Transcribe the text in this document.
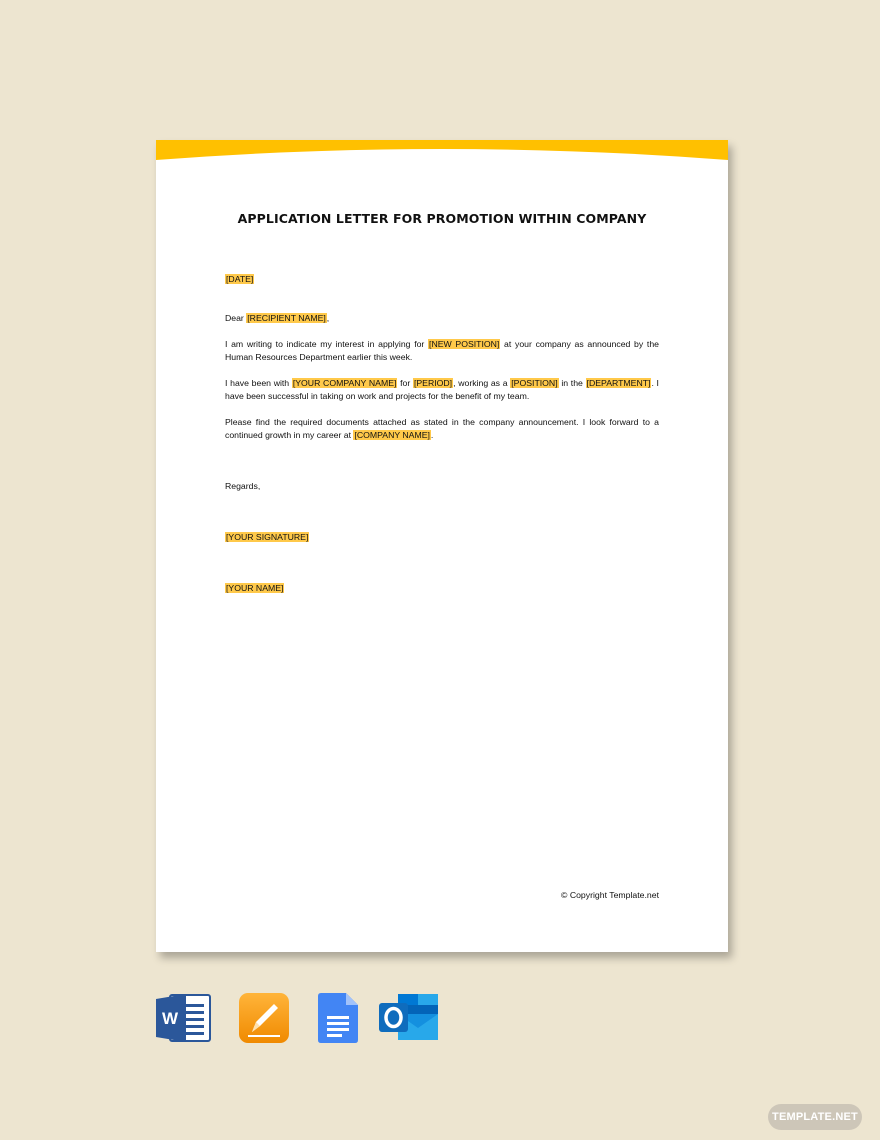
APPLICATION LETTER FOR PROMOTION WITHIN COMPANY

[DATE]

Dear [RECIPIENT NAME],

I am writing to indicate my interest in applying for [NEW POSITION] at your company as announced by the Human Resources Department earlier this week.

I have been with [YOUR COMPANY NAME] for [PERIOD], working as a [POSITION] in the [DEPARTMENT]. I have been successful in taking on work and projects for the benefit of my team.

Please find the required documents attached as stated in the company announcement. I look forward to a continued growth in my career at [COMPANY NAME].

Regards,

[YOUR SIGNATURE]

[YOUR NAME]

© Copyright Template.net
W
TEMPLATE.NET
